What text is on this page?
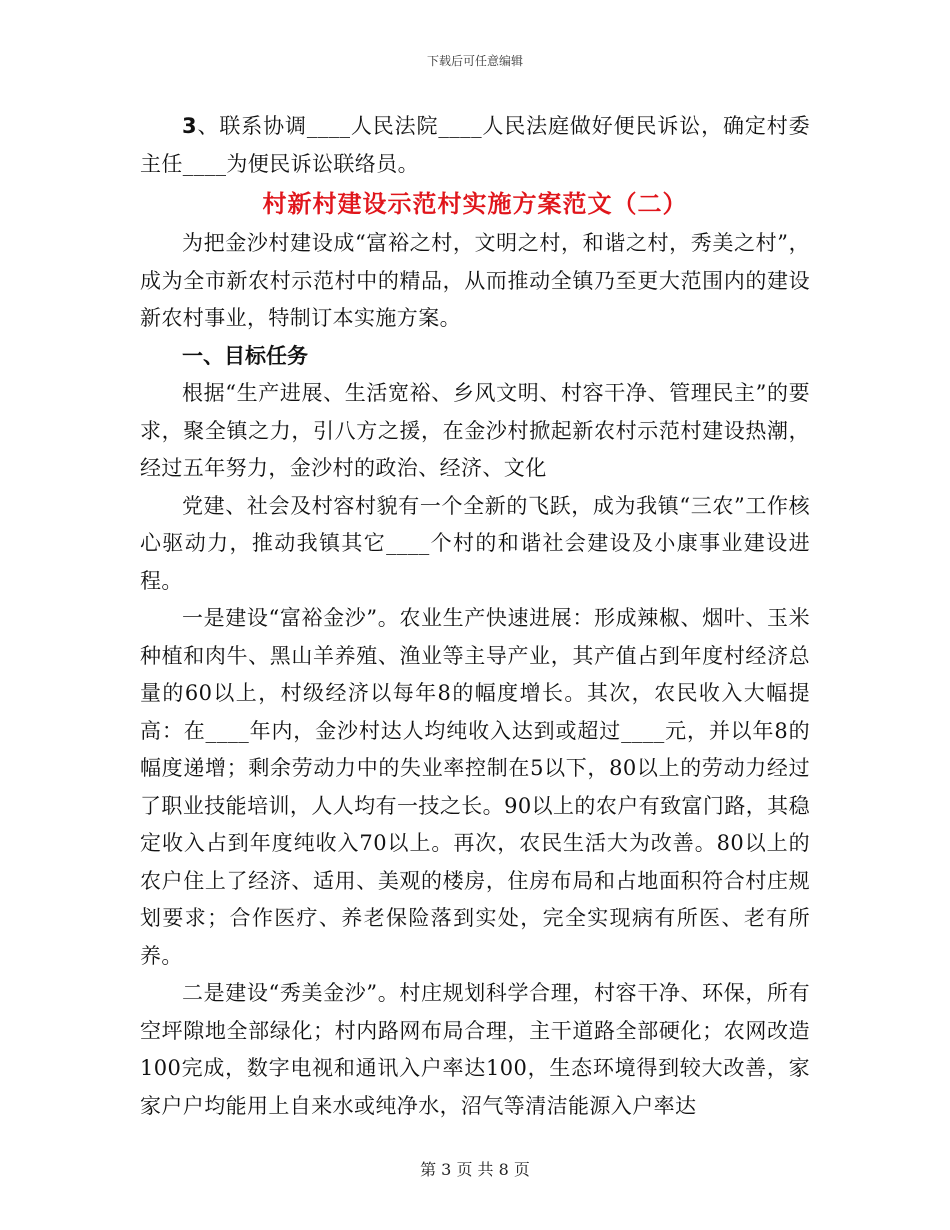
下载后可任意编辑

3、联系协调____人民法院____人民法庭做好便民诉讼，确定村委主任____为便民诉讼联络员。

村新村建设示范村实施方案范文（二）

为把金沙村建设成“富裕之村，文明之村，和谐之村，秀美之村”，成为全市新农村示范村中的精品，从而推动全镇乃至更大范围内的建设新农村事业，特制订本实施方案。

一、目标任务

根据“生产进展、生活宽裕、乡风文明、村容干净、管理民主”的要求，聚全镇之力，引八方之援，在金沙村掀起新农村示范村建设热潮，经过五年努力，金沙村的政治、经济、文化

党建、社会及村容村貌有一个全新的飞跃，成为我镇“三农”工作核心驱动力，推动我镇其它____个村的和谐社会建设及小康事业建设进程。

一是建设“富裕金沙”。农业生产快速进展：形成辣椒、烟叶、玉米种植和肉牛、黑山羊养殖、渔业等主导产业，其产值占到年度村经济总量的60以上，村级经济以每年8的幅度增长。其次，农民收入大幅提高：在____年内，金沙村达人均纯收入达到或超过____元，并以年8的幅度递增；剩余劳动力中的失业率控制在5以下，80以上的劳动力经过了职业技能培训，人人均有一技之长。90以上的农户有致富门路，其稳定收入占到年度纯收入70以上。再次，农民生活大为改善。80以上的农户住上了经济、适用、美观的楼房，住房布局和占地面积符合村庄规划要求；合作医疗、养老保险落到实处，完全实现病有所医、老有所养。

二是建设“秀美金沙”。村庄规划科学合理，村容干净、环保，所有空坪隙地全部绿化；村内路网布局合理，主干道路全部硬化；农网改造100完成，数字电视和通讯入户率达100，生态环境得到较大改善，家家户户均能用上自来水或纯净水，沼气等清洁能源入户率达

第 3 页 共 8 页
